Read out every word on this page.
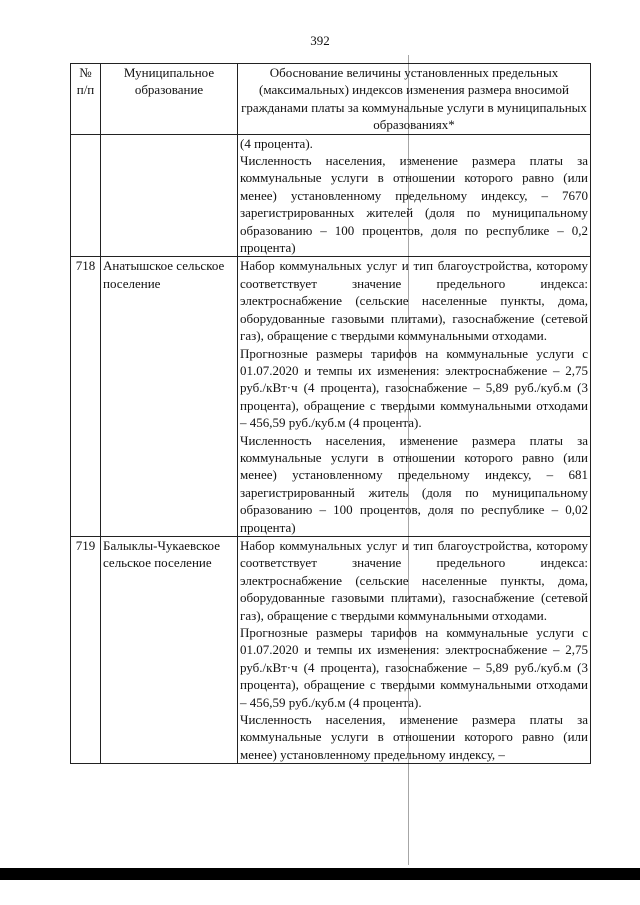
392
№ п/п	Муниципальное образование	Обоснование величины установленных предельных (максимальных) индексов изменения размера вносимой гражданами платы за коммунальные услуги в муниципальных образованиях*

		(4 процента).

Численность населения, изменение размера платы за коммунальные услуги в отношении которого равно (или менее) установленному предельному индексу, – 7670 зарегистрированных жителей (доля по муниципальному образованию – 100 процентов, доля по республике – 0,2 процента)

718	Анатышское сельское поселение	Набор коммунальных услуг и тип благоустройства, которому соответствует значение предельного индекса: электроснабжение (сельские населенные пункты, дома, оборудованные газовыми плитами), газоснабжение (сетевой газ), обращение с твердыми коммунальными отходами.

Прогнозные размеры тарифов на коммунальные услуги с 01.07.2020 и темпы их изменения: электроснабжение – 2,75 руб./кВт·ч (4 процента), газоснабжение – 5,89 руб./куб.м (3 процента), обращение с твердыми коммунальными отходами – 456,59 руб./куб.м (4 процента).

Численность населения, изменение размера платы за коммунальные услуги в отношении которого равно (или менее) установленному предельному индексу, – 681 зарегистрированный житель (доля по муниципальному образованию – 100 процентов, доля по республике – 0,02 процента)

719	Балыклы-Чукаевское сельское поселение	Набор коммунальных услуг и тип благоустройства, которому соответствует значение предельного индекса: электроснабжение (сельские населенные пункты, дома, оборудованные газовыми плитами), газоснабжение (сетевой газ), обращение с твердыми коммунальными отходами.

Прогнозные размеры тарифов на коммунальные услуги с 01.07.2020 и темпы их изменения: электроснабжение – 2,75 руб./кВт·ч (4 процента), газоснабжение – 5,89 руб./куб.м (3 процента), обращение с твердыми коммунальными отходами – 456,59 руб./куб.м (4 процента).

Численность населения, изменение размера платы за коммунальные услуги в отношении которого равно (или менее) установленному предельному индексу, –
